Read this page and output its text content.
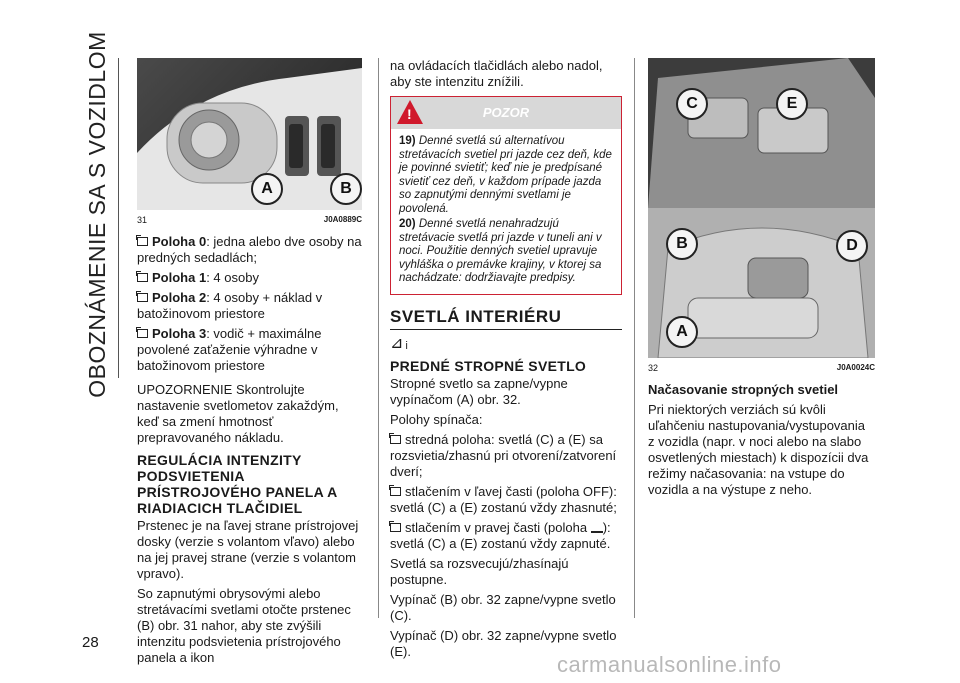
OBOZNÁMENIE SA S VOZIDLOM
28
A	B
31	J0A0889C

Poloha 0: jedna alebo dve osoby na predných sedadlách;

Poloha 1: 4 osoby

Poloha 2: 4 osoby + náklad v batožinovom priestore

Poloha 3: vodič + maximálne povolené zaťaženie výhradne v batožinovom priestore

UPOZORNENIE Skontrolujte nastavenie svetlometov zakaždým, keď sa zmení hmotnosť prepravovaného nákladu.

REGULÁCIA INTENZITY PODSVIETENIA PRÍSTROJOVÉHO PANELA A RIADIACICH TLAČIDIEL

Prstenec je na ľavej strane prístrojovej dosky (verzie s volantom vľavo) alebo na jej pravej strane (verzie s volantom vpravo).

So zapnutými obrysovými alebo stretávacími svetlami otočte prstenec (B) obr. 31 nahor, aby ste zvýšili intenzitu podsvietenia prístrojového panela a ikon

na ovládacích tlačidlách alebo nadol, aby ste intenzitu znížili.

!	POZOR

19) Denné svetlá sú alternatívou stretávacích svetiel pri jazde cez deň, kde je povinné svietiť; keď nie je predpísané svietiť cez deň, v každom prípade jazda so zapnutými dennými svetlami je povolená.

20) Denné svetlá nenahradzujú stretávacie svetlá pri jazde v tuneli ani v noci. Použitie denných svetiel upravuje vyhláška o premávke krajiny, v ktorej sa nachádzate: dodržiavajte predpisy.

SVETLÁ INTERIÉRU
⊿ᵢ
PREDNÉ STROPNÉ SVETLO

Stropné svetlo sa zapne/vypne vypínačom (A) obr. 32.

Polohy spínača:

stredná poloha: svetlá (C) a (E) sa rozsvietia/zhasnú pri otvorení/zatvorení dverí;

stlačením v ľavej časti (poloha OFF): svetlá (C) a (E) zostanú vždy zhasnuté;

stlačením v pravej časti (poloha ): svetlá (C) a (E) zostanú vždy zapnuté.

Svetlá sa rozsvecujú/zhasínajú postupne.

Vypínač (B) obr. 32 zapne/vypne svetlo (C).

Vypínač (D) obr. 32 zapne/vypne svetlo (E).

C	E
B	D
A
32	J0A0024C

Načasovanie stropných svetiel

Pri niektorých verziách sú kvôli uľahčeniu nastupovania/vystupovania z vozidla (napr. v noci alebo na slabo osvetlených miestach) k dispozícii dva režimy načasovania: na vstupe do vozidla a na výstupe z neho.

carmanualsonline.info
